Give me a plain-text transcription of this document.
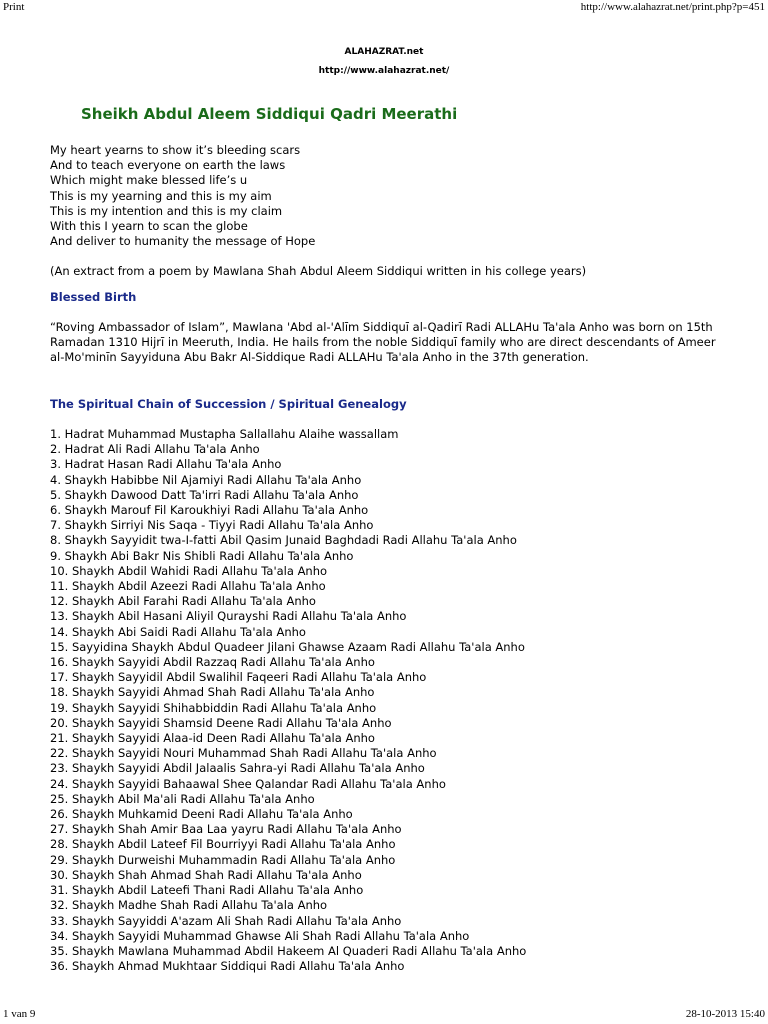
Print	http://www.alahazrat.net/print.php?p=451
ALAHAZRAT.net
http://www.alahazrat.net/
Sheikh Abdul Aleem Siddiqui Qadri Meerathi
My heart yearns to show it’s bleeding scars
And to teach everyone on earth the laws
Which might make blessed life’s u
This is my yearning and this is my aim
This is my intention and this is my claim
With this I yearn to scan the globe
And deliver to humanity the message of Hope
(An extract from a poem by Mawlana Shah Abdul Aleem Siddiqui written in his college years)
Blessed Birth
“Roving Ambassador of Islam”, Mawlana 'Abd al-'Alīm Siddiquī al-Qadirī Radi ALLAHu Ta'ala Anho was born on 15th Ramadan 1310 Hijrī in Meeruth, India. He hails from the noble Siddiquī family who are direct descendants of Ameer al-Mo'minīn Sayyiduna Abu Bakr Al-Siddique Radi ALLAHu Ta'ala Anho in the 37th generation.
The Spiritual Chain of Succession / Spiritual Genealogy
1. Hadrat Muhammad Mustapha Sallallahu Alaihe wassallam
2. Hadrat Ali Radi Allahu Ta'ala Anho
3. Hadrat Hasan Radi Allahu Ta'ala Anho
4. Shaykh Habibbe Nil Ajamiyi Radi Allahu Ta'ala Anho
5. Shaykh Dawood Datt Ta'irri Radi Allahu Ta'ala Anho
6. Shaykh Marouf Fil Karoukhiyi Radi Allahu Ta'ala Anho
7. Shaykh Sirriyi Nis Saqa - Tiyyi Radi Allahu Ta'ala Anho
8. Shaykh Sayyidit twa-I-fatti Abil Qasim Junaid Baghdadi Radi Allahu Ta'ala Anho
9. Shaykh Abi Bakr Nis Shibli Radi Allahu Ta'ala Anho
10. Shaykh Abdil Wahidi Radi Allahu Ta'ala Anho
11. Shaykh Abdil Azeezi Radi Allahu Ta'ala Anho
12. Shaykh Abil Farahi Radi Allahu Ta'ala Anho
13. Shaykh Abil Hasani Aliyil Qurayshi Radi Allahu Ta'ala Anho
14. Shaykh Abi Saidi Radi Allahu Ta'ala Anho
15. Sayyidina Shaykh Abdul Quadeer Jilani Ghawse Azaam Radi Allahu Ta'ala Anho
16. Shaykh Sayyidi Abdil Razzaq Radi Allahu Ta'ala Anho
17. Shaykh Sayyidil Abdil Swalihil Faqeeri Radi Allahu Ta'ala Anho
18. Shaykh Sayyidi Ahmad Shah Radi Allahu Ta'ala Anho
19. Shaykh Sayyidi Shihabbiddin Radi Allahu Ta'ala Anho
20. Shaykh Sayyidi Shamsid Deene Radi Allahu Ta'ala Anho
21. Shaykh Sayyidi Alaa-id Deen Radi Allahu Ta'ala Anho
22. Shaykh Sayyidi Nouri Muhammad Shah Radi Allahu Ta'ala Anho
23. Shaykh Sayyidi Abdil Jalaalis Sahra-yi Radi Allahu Ta'ala Anho
24. Shaykh Sayyidi Bahaawal Shee Qalandar Radi Allahu Ta'ala Anho
25. Shaykh Abil Ma'ali Radi Allahu Ta'ala Anho
26. Shaykh Muhkamid Deeni Radi Allahu Ta'ala Anho
27. Shaykh Shah Amir Baa Laa yayru Radi Allahu Ta'ala Anho
28. Shaykh Abdil Lateef Fil Bourriyyi Radi Allahu Ta'ala Anho
29. Shaykh Durweishi Muhammadin Radi Allahu Ta'ala Anho
30. Shaykh Shah Ahmad Shah Radi Allahu Ta'ala Anho
31. Shaykh Abdil Lateefi Thani Radi Allahu Ta'ala Anho
32. Shaykh Madhe Shah Radi Allahu Ta'ala Anho
33. Shaykh Sayyiddi A'azam Ali Shah Radi Allahu Ta'ala Anho
34. Shaykh Sayyidi Muhammad Ghawse Ali Shah Radi Allahu Ta'ala Anho
35. Shaykh Mawlana Muhammad Abdil Hakeem Al Quaderi Radi Allahu Ta'ala Anho
36. Shaykh Ahmad Mukhtaar Siddiqui Radi Allahu Ta'ala Anho
1 van 9	28-10-2013 15:40
